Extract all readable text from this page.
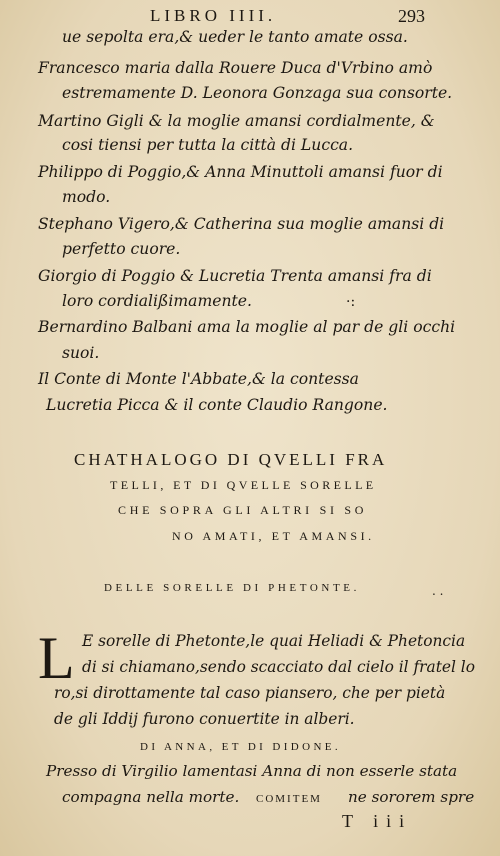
LIBRO IIII.	293
ue sepolta era,& ueder le tanto amate ossa.
Francesco maria dalla Rouere Duca d'Vrbino amò
estremamente D. Leonora Gonzaga sua consorte.
Martino Gigli & la moglie amansi cordialmente, &
cosi tiensi per tutta la città di Lucca.
Philippo di Poggio,& Anna Minuttoli amansi fuor di
modo.
Stephano Vigero,& Catherina sua moglie amansi di
perfetto cuore.
Giorgio di Poggio & Lucretia Trenta amansi fra di
loro cordialißimamente.
Bernardino Balbani ama la moglie al par de gli occhi
suoi.
Il Conte di Monte l'Abbate,& la contessa
Lucretia Picca & il conte Claudio Rangone.
·:
CHATHALOGO DI QVELLI FRA
TELLI, ET DI QVELLE SORELLE
CHE SOPRA GLI ALTRI SI SO
NO AMATI, ET AMANSI.
DELLE SORELLE DI PHETONTE.	. .
L E sorelle di Phetonte,le quai Heliadi & Phetoncia
di si chiamano,sendo scacciato dal cielo il fratel lo
ro,si dirottamente tal caso piansero, che per pietà
de gli Iddij furono conuertite in alberi.
DI ANNA, ET DI DIDONE.
Presso di Virgilio lamentasi Anna di non esserle stata
compagna nella morte. COMITEM ne sororem spre
T iii
